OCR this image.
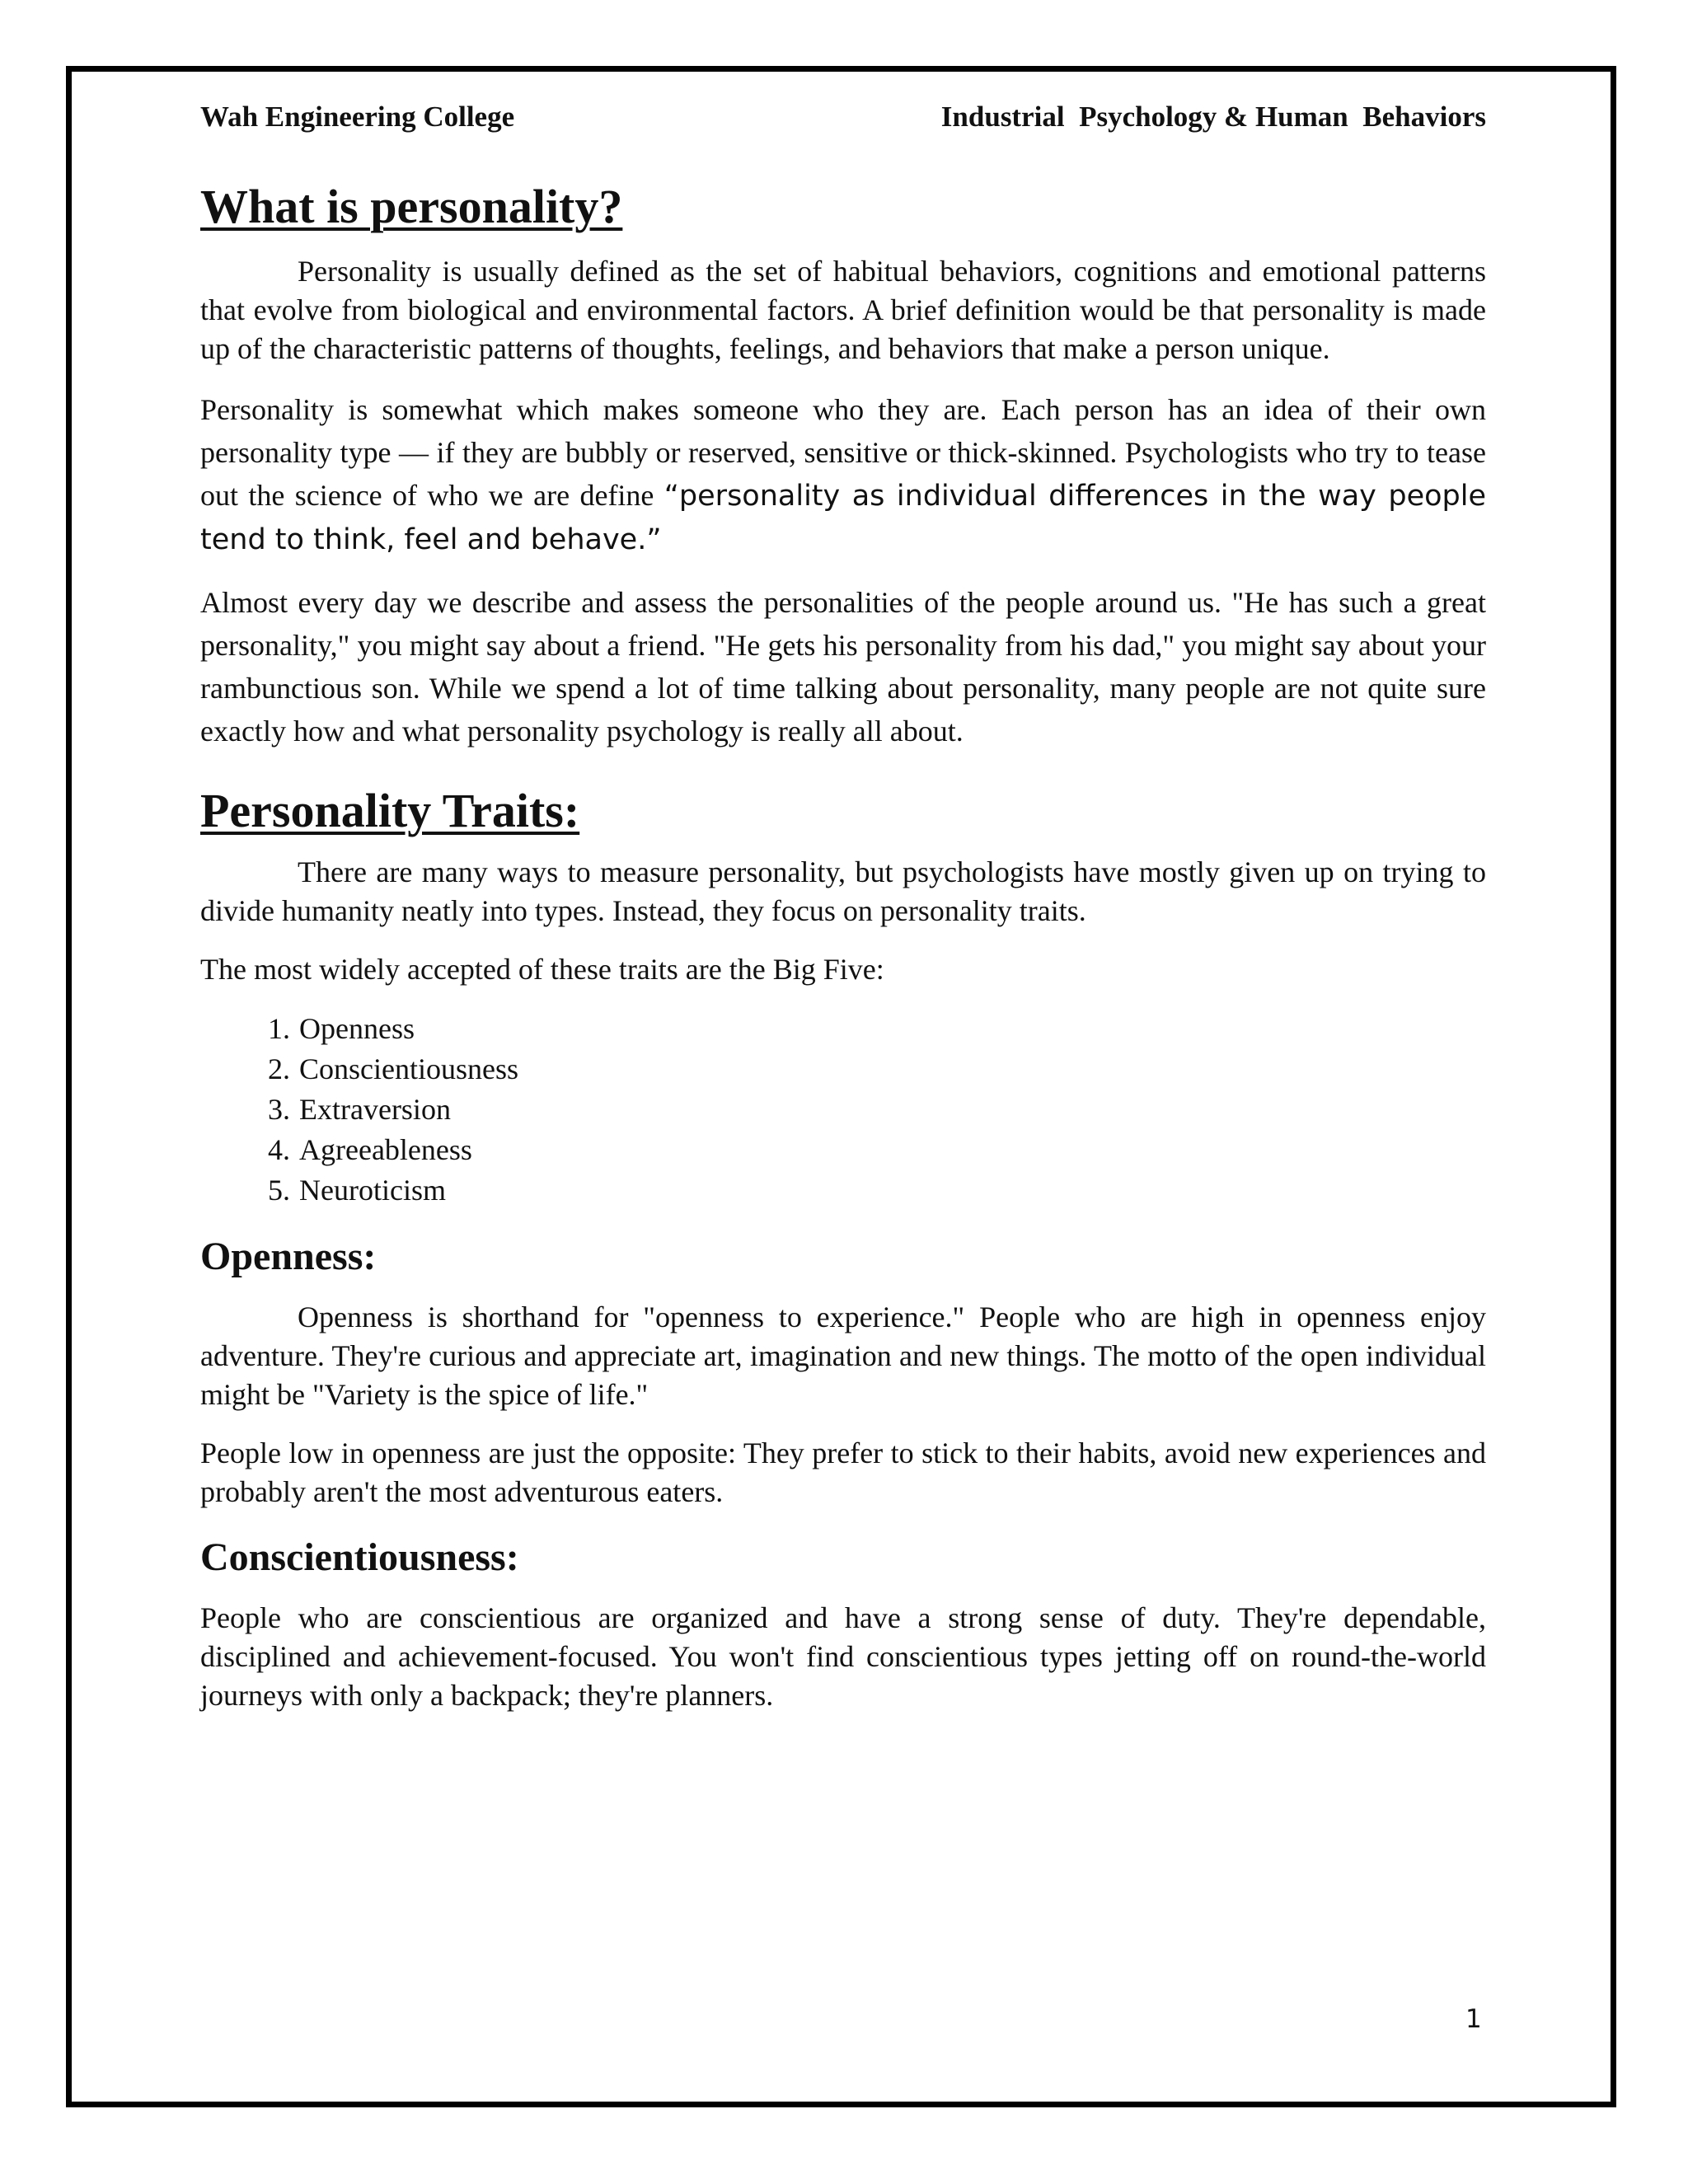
Wah Engineering College	Industrial  Psychology & Human  Behaviors
What is personality?

Personality is usually defined as the set of habitual behaviors, cognitions and emotional patterns that evolve from biological and environmental factors. A brief definition would be that personality is made up of the characteristic patterns of thoughts, feelings, and behaviors that make a person unique.

Personality is somewhat which makes someone who they are. Each person has an idea of their own personality type — if they are bubbly or reserved, sensitive or thick-skinned. Psychologists who try to tease out the science of who we are define “personality as individual differences in the way people tend to think, feel and behave.”

Almost every day we describe and assess the personalities of the people around us. "He has such a great personality," you might say about a friend. "He gets his personality from his dad," you might say about your rambunctious son. While we spend a lot of time talking about personality, many people are not quite sure exactly how and what personality psychology is really all about.

Personality Traits:

There are many ways to measure personality, but psychologists have mostly given up on trying to divide humanity neatly into types. Instead, they focus on personality traits.

The most widely accepted of these traits are the Big Five:

1. Openness
2. Conscientiousness
3. Extraversion
4. Agreeableness
5. Neuroticism
Openness:

Openness is shorthand for "openness to experience." People who are high in openness enjoy adventure. They're curious and appreciate art, imagination and new things. The motto of the open individual might be "Variety is the spice of life."

People low in openness are just the opposite: They prefer to stick to their habits, avoid new experiences and probably aren't the most adventurous eaters.

Conscientiousness:

People who are conscientious are organized and have a strong sense of duty. They're dependable, disciplined and achievement-focused. You won't find conscientious types jetting off on round-the-world journeys with only a backpack; they're planners.

1
